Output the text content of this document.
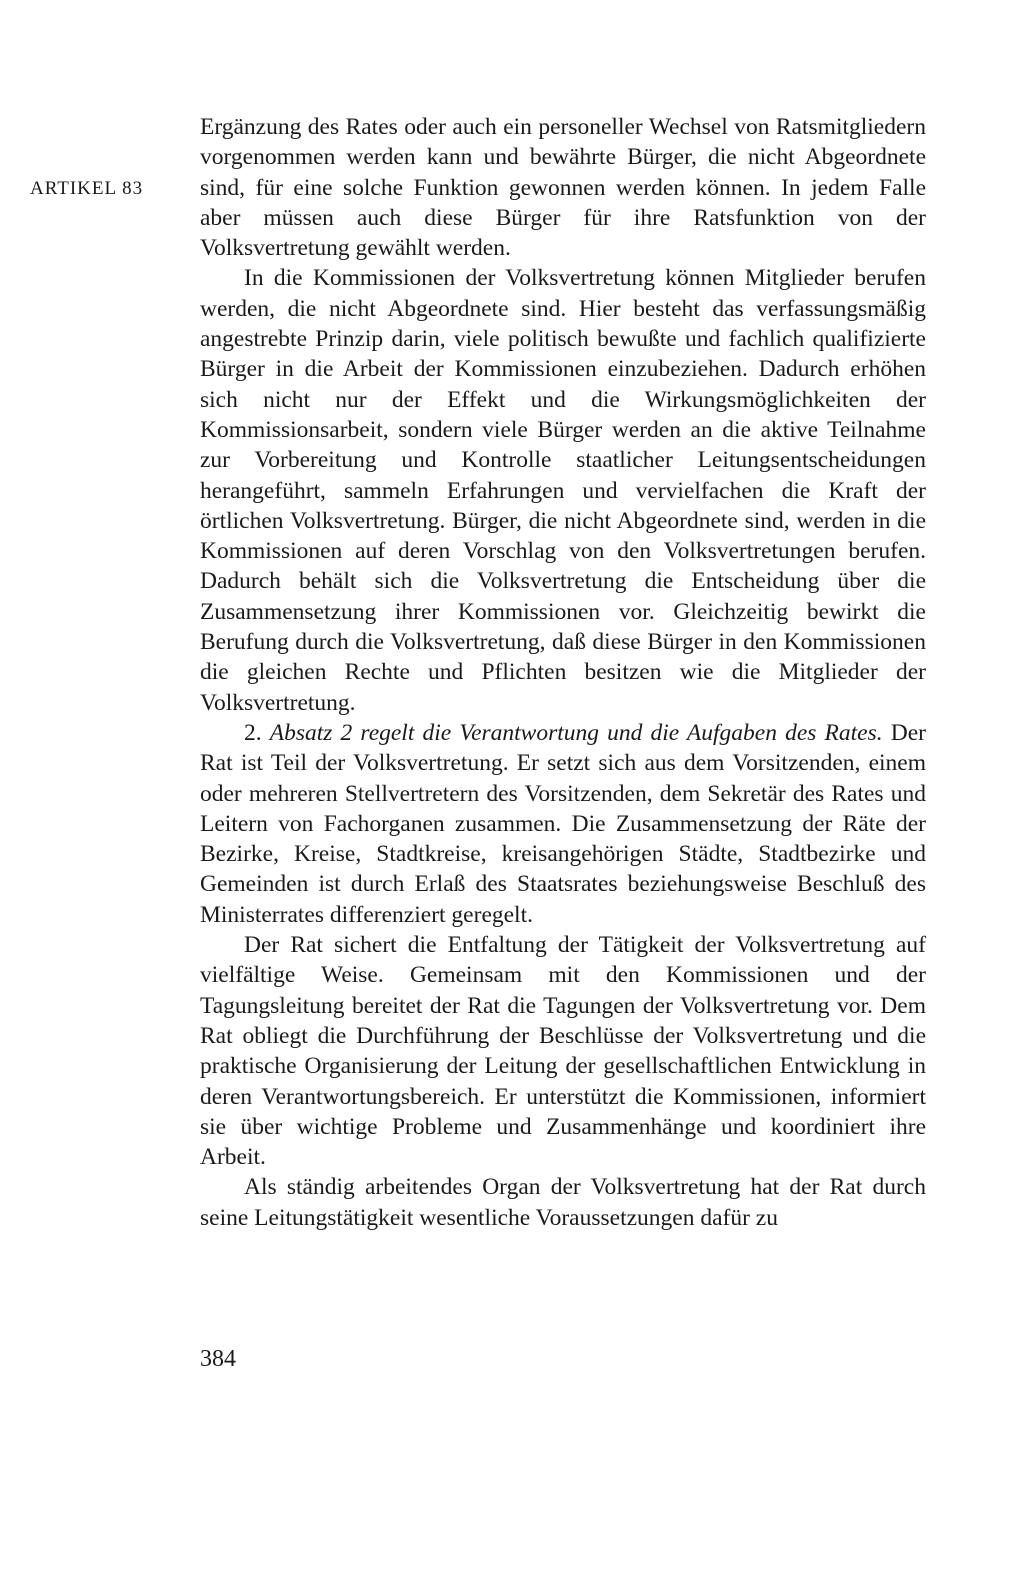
ARTIKEL 83

Ergänzung des Rates oder auch ein personeller Wechsel von Ratsmitgliedern vorgenommen werden kann und bewährte Bürger, die nicht Abgeordnete sind, für eine solche Funktion gewonnen werden können. In jedem Falle aber müssen auch diese Bürger für ihre Ratsfunktion von der Volksvertretung gewählt werden.

In die Kommissionen der Volksvertretung können Mitglieder berufen werden, die nicht Abgeordnete sind. Hier besteht das verfassungsmäßig angestrebte Prinzip darin, viele politisch bewußte und fachlich qualifizierte Bürger in die Arbeit der Kommissionen einzubeziehen. Dadurch erhöhen sich nicht nur der Effekt und die Wirkungsmöglichkeiten der Kommissionsarbeit, sondern viele Bürger werden an die aktive Teilnahme zur Vorbereitung und Kontrolle staatlicher Leitungsentscheidungen herangeführt, sammeln Erfahrungen und vervielfachen die Kraft der örtlichen Volksvertretung. Bürger, die nicht Abgeordnete sind, werden in die Kommissionen auf deren Vorschlag von den Volksvertretungen berufen. Dadurch behält sich die Volksvertretung die Entscheidung über die Zusammensetzung ihrer Kommissionen vor. Gleichzeitig bewirkt die Berufung durch die Volksvertretung, daß diese Bürger in den Kommissionen die gleichen Rechte und Pflichten besitzen wie die Mitglieder der Volksvertretung.

2. Absatz 2 regelt die Verantwortung und die Aufgaben des Rates. Der Rat ist Teil der Volksvertretung. Er setzt sich aus dem Vorsitzenden, einem oder mehreren Stellvertretern des Vorsitzenden, dem Sekretär des Rates und Leitern von Fachorganen zusammen. Die Zusammensetzung der Räte der Bezirke, Kreise, Stadtkreise, kreisangehörigen Städte, Stadtbezirke und Gemeinden ist durch Erlaß des Staatsrates beziehungsweise Beschluß des Ministerrates differenziert geregelt.

Der Rat sichert die Entfaltung der Tätigkeit der Volksvertretung auf vielfältige Weise. Gemeinsam mit den Kommissionen und der Tagungsleitung bereitet der Rat die Tagungen der Volksvertretung vor. Dem Rat obliegt die Durchführung der Beschlüsse der Volksvertretung und die praktische Organisierung der Leitung der gesellschaftlichen Entwicklung in deren Verantwortungsbereich. Er unterstützt die Kommissionen, informiert sie über wichtige Probleme und Zusammenhänge und koordiniert ihre Arbeit.

Als ständig arbeitendes Organ der Volksvertretung hat der Rat durch seine Leitungstätigkeit wesentliche Voraussetzungen dafür zu

384
